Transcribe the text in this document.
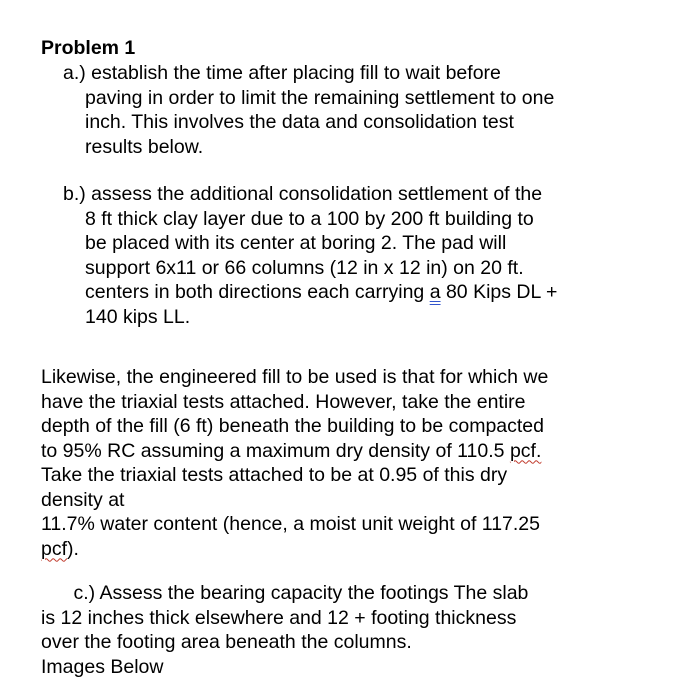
Problem 1
a.) establish the time after placing fill to wait before
paving in order to limit the remaining settlement to one
inch. This involves the data and consolidation test
results below.
b.) assess the additional consolidation settlement of the
8 ft thick clay layer due to a 100 by 200 ft building to
be placed with its center at boring 2. The pad will
support 6x11 or 66 columns (12 in x 12 in) on 20 ft.
centers in both directions each carrying a 80 Kips DL +
140 kips LL.
Likewise, the engineered fill to be used is that for which we
have the triaxial tests attached. However, take the entire
depth of the fill (6 ft) beneath the building to be compacted
to 95% RC assuming a maximum dry density of 110.5 pcf.
Take the triaxial tests attached to be at 0.95 of this dry
density at
11.7% water content (hence, a moist unit weight of 117.25
pcf).
c.) Assess the bearing capacity the footings The slab
is 12 inches thick elsewhere and 12 + footing thickness
over the footing area beneath the columns.
Images Below
